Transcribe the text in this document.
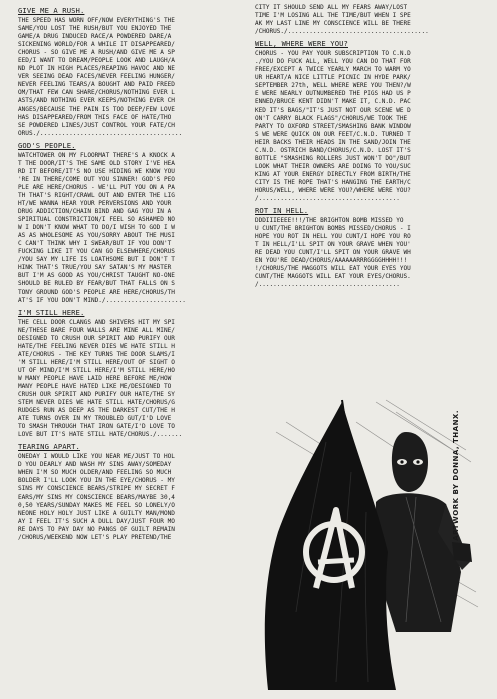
GIVE ME A RUSH.
THE SPEED HAS WORN OFF/NOW EVERYTHING'S THE
SAME/YOU LOST THE RUSH/BUT YOU ENJOYED THE
GAME/A DRUG INDUCED RACE/A POWDERED DARE/A
SICKENING WORLD/FOR A WHILE IT DISAPPEARED/
CHORUS - SO GIVE ME A RUSH/AND GIVE ME A SP
EED/I WANT TO DREAM/PEOPLE LOOK AND LAUGH/A
ND PLOT IN HIGH PLACES/REAPING HAVOC AND NE
VER SEEING DEAD FACES/NEVER FEELING HUNGER/
NEVER FEELING TEARS/A BOUGHT AND PAID FREED
OM/THAT FEW CAN SHARE/CHORUS/NOTHING EVER L
ASTS/AND NOTHING EVER KEEPS/NOTHING EVER CH
ANGES/BECAUSE THE PAIN IS TOO DEEP/FEW LOVE
HAS DISAPPEARED/FROM THIS FACE OF HATE/THO
SE POWDERED LINES/JUST CONTROL YOUR FATE/CH
ORUS./.......................................
GOD'S PEOPLE.
WATCHTOWER ON MY FLOORMAT THERE'S A KNOCK A
T THE DOOR/IT'S THE SAME OLD STORY I'VE HEA
RD IT BEFORE/IT'S NO USE HIDING WE KNOW YOU
'RE IN THERE/COME OUT YOU SINNER! GOD'S PEO
PLE ARE HERE/CHORUS - WE'LL PUT YOU ON A PA
TH THAT'S RIGHT/CRAWL OUT AND ENTER THE LIG
HT/WE WANNA HEAR YOUR PERVERSIONS AND YOUR
DRUG ADDICTION/CHAIN BIND AND GAG YOU IN A
SPIRITUAL CONSTRICTION/I FEEL SO ASHAMED NO
W I DON'T KNOW WHAT TO DO/I WISH TO GOD I W
AS AS WHOLESOME AS YOU/SORRY ABOUT THE MUSI
C CAN'T THINK WHY I SWEAR/BUT IF YOU DON'T
FUCKING LIKE IT YOU CAN GO ELSEWHERE/CHORUS
/YOU SAY MY LIFE IS LOATHSOME BUT I DON'T T
HINK THAT'S TRUE/YOU SAY SATAN'S MY MASTER
BUT I'M AS GOOD AS YOU/CHRIST TAUGHT NO-ONE
SHOULD BE RULED BY FEAR/BUT THAT FALLS ON S
TONY GROUND GOD'S PEOPLE ARE HERE/CHORUS/TH
AT'S IF YOU DON'T MIND./......................
I'M STILL HERE.
THE CELL DOOR CLANGS AND SHIVERS HIT MY SPI
NE/THESE BARE FOUR WALLS ARE MINE ALL MINE/
DESIGNED TO CRUSH OUR SPIRIT AND PURIFY OUR
HATE/THE FEELING NEVER DIES WE HATE STILL H
ATE/CHORUS - THE KEY TURNS THE DOOR SLAMS/I
'M STILL HERE/I'M STILL HERE/OUT OF SIGHT O
UT OF MIND/I'M STILL HERE/I'M STILL HERE/HO
W MANY PEOPLE HAVE LAID HERE BEFORE ME/HOW
MANY PEOPLE HAVE HATED LIKE ME/DESIGNED TO
CRUSH OUR SPIRIT AND PURIFY OUR HATE/THE SY
STEM NEVER DIES WE HATE STILL HATE/CHORUS/G
RUDGES RUN AS DEEP AS THE DARKEST CUT/THE H
ATE TURNS OVER IN MY TROUBLED GUT/I'D LOVE
TO SMASH THROUGH THAT IRON GATE/I'D LOVE TO
LOVE BUT IT'S HATE STILL HATE/CHORUS./.......
TEARING APART.
ONEDAY I WOULD LIKE YOU NEAR ME/JUST TO HOL
D YOU DEARLY AND WASH MY SINS AWAY/SOMEDAY
WHEN I'M SO MUCH OLDER/AND FEELING SO MUCH
BOLDER I'LL LOOK YOU IN THE EYE/CHORUS - MY
SINS MY CONSCIENCE BEARS/STRIPE MY SECRET F
EARS/MY SINS MY CONSCIENCE BEARS/MAYBE 30,4
0,50 YEARS/SUNDAY MAKES ME FEEL SO LONELY/O
NEONE HOLY HOLY JUST LIKE A GUILTY MAN/MOND
AY I FEEL IT'S SUCH A DULL DAY/JUST FOUR MO
RE DAYS TO PAY DAY NO PANGS OF GUILT REMAIN
/CHORUS/WEEKEND NOW LET'S PLAY PRETEND/THE
CITY IT SHOULD SEND ALL MY FEARS AWAY/LOST
TIME I'M LOSING ALL THE TIME/BUT WHEN I SPE
AK MY LAST LINE MY CONSCIENCE WILL BE THERE
/CHORUS./.......................................
WELL, WHERE WERE YOU?
CHORUS - YOU PAY YOUR SUBSCRIPTION TO C.N.D
./YOU DO FUCK ALL, WELL YOU CAN DO THAT FOR
FREE/EXCEPT A TWICE YEARLY MARCH TO WARM YO
UR HEART/A NICE LITTLE PICNIC IN HYDE PARK/
SEPTEMBER 27th, WELL WHERE WERE YOU THEN?/W
E WERE NEARLY OUTNUMBERED THE PIGS HAD US P
ENNED/BRUCE KENT DIDN'T MAKE IT, C.N.D. PAC
KED IT'S BAGS/"IT'S JUST NOT OUR SCENE WE D
ON'T CARRY BLACK FLAGS"/CHORUS/WE TOOK THE
PARTY TO OXFORD STREET/SMASHING BANK WINDOW
S WE WERE QUICK ON OUR FEET/C.N.D. TURNED T
HEIR BACKS THEIR HEADS IN THE SAND/JOIN THE
C.N.D. OSTRICH BAND/CHORUS/C.N.D. LOST IT'S
BOTTLE "SMASHING ROLLERS JUST WON'T DO"/BUT
LOOK WHAT THEIR OWNERS ARE DOING TO YOU/SUC
KING AT YOUR ENERGY DIRECTLY FROM BIRTH/THE
CITY IS THE ROPE THAT'S HANGING THE EARTH/C
HORUS/WELL, WHERE WERE YOU?/WHERE WERE YOU?
/.......................................
ROT IN HELL.
DDDIIIEEEE!!!/THE BRIGHTON BOMB MISSED YO
U CUNT/THE BRIGHTON BOMBS MISSED/CHORUS - I
HOPE YOU ROT IN HELL YOU CUNT/I HOPE YOU RO
T IN HELL/I'LL SPIT ON YOUR GRAVE WHEN YOU'
RE DEAD YOU CUNT/I'LL SPIT ON YOUR GRAVE WH
EN YOU'RE DEAD/CHORUS/AAAAAARRRGGGGHHHH!!!
!/CHORUS/THE MAGGOTS WILL EAT YOUR EYES YOU
CUNT/THE MAGGOTS WILL EAT YOUR EYES/CHORUS.
/.......................................
ARTWORK BY DONNA, THANX.
